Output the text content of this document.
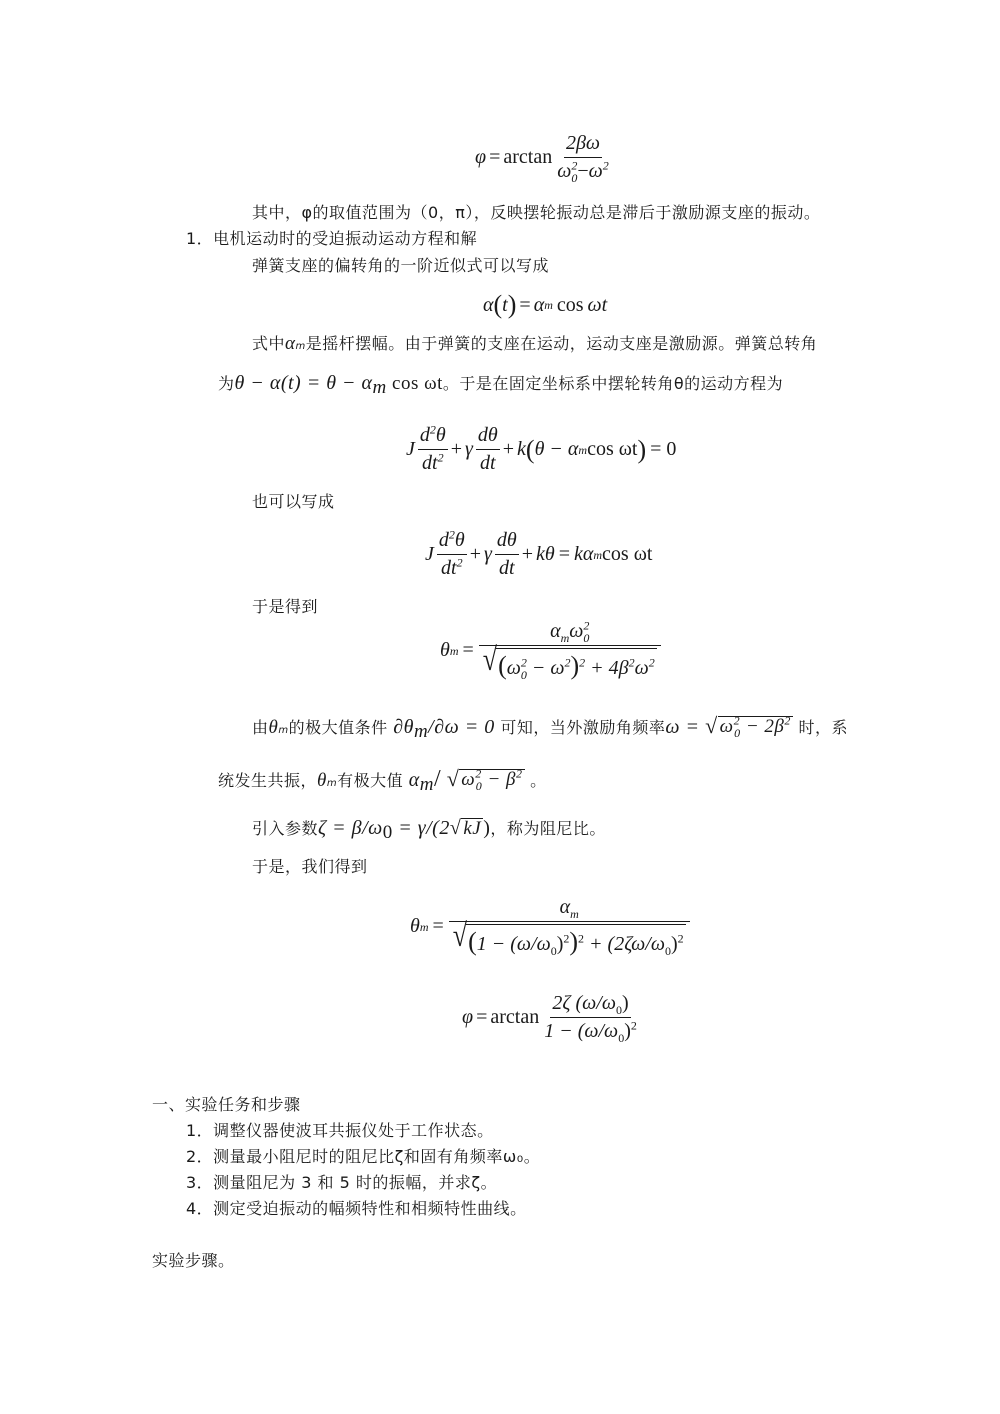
$\varphi = \arctan \frac{2\beta\omega}{\omega^2_0-\omega^2}$
其中，φ的取值范围为（0，π），反映摆轮振动总是滞后于激励源支座的振动。
1．电机运动时的受迫振动运动方程和解
弹簧支座的偏转角的一阶近似式可以写成
α ( t ) = α m cos ωt
式中αm是摇杆摆幅。由于弹簧的支座在运动，运动支座是激励源。弹簧总转角
为$\theta - \alpha(t) = \theta - \alpha_m$ cos ωt。于是在固定坐标系中摆轮转角θ的运动方程为
J $\frac{d^2\theta}{dt^2} + \gamma \frac{d\theta}{dt} + k$ ( θ − α m cos ωt ) = 0
也可以写成
J $\frac{d^2\theta}{dt^2} + \gamma \frac{d\theta}{dt} + k\theta = k\alpha$ m cos ωt
于是得到
θ $m = \frac{\alpha_m\omega^2_0}{√ (\omega^2_0 - \omega^2)^2 + 4\beta^2\omega^2}$
由θm的极大值条件 $\partial\theta_m/\partial\omega = 0$ 可知，当外激励角频率ω = √ $\omega^2_0 - 2\beta^2$ 时，系
统发生共振，θm有极大值 $\alpha_m/$ √ $\omega^2_0 - \beta^2$ 。
引入参数$\zeta = \beta/\omega_0 = \gamma/(2$ √ kJ )，称为阻尼比。
于是，我们得到
θ $m = \frac{\alpha_m}{√ (1 - (\omega/\omega_0)^2)^2 + (2\zeta\omega/\omega_0)^2}$
$\varphi = \arctan \frac{2\zeta (\omega/\omega_0)}{1 - (\omega/\omega_0)^2}$
一、实验任务和步骤
1．调整仪器使波耳共振仪处于工作状态。
2．测量最小阻尼时的阻尼比ζ和固有角频率ω₀。
3．测量阻尼为 3 和 5 时的振幅，并求ζ。
4．测定受迫振动的幅频特性和相频特性曲线。
实验步骤。
